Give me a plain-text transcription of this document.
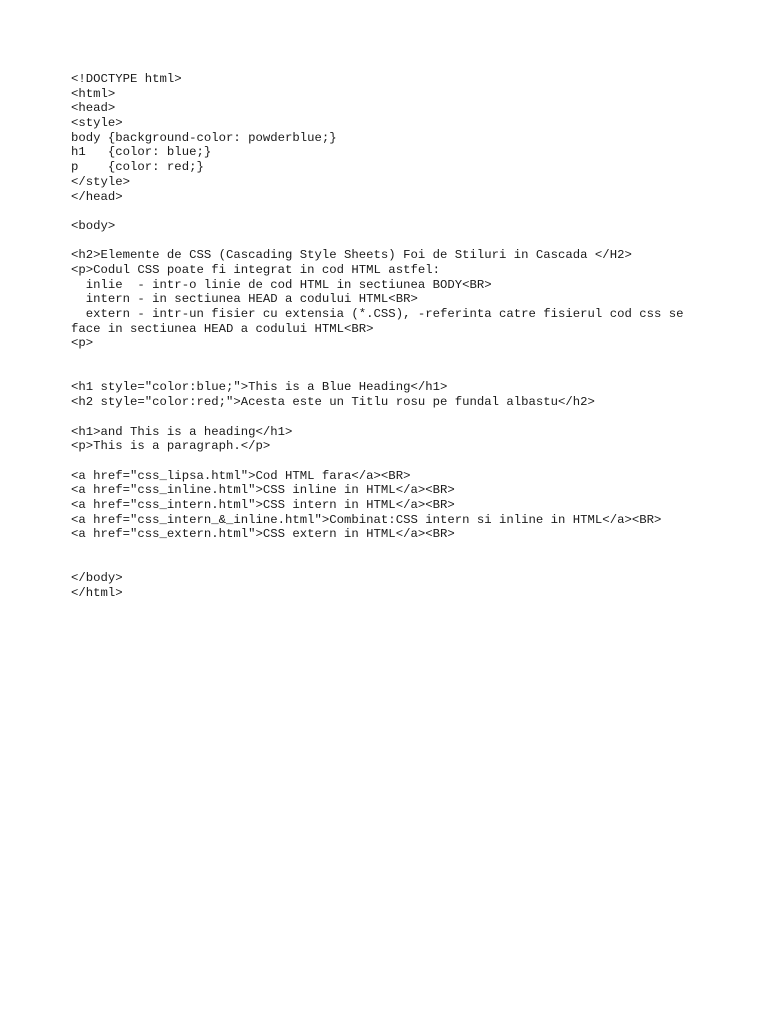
<!DOCTYPE html>
<html>
<head>
<style>
body {background-color: powderblue;}
h1   {color: blue;}
p    {color: red;}
</style>
</head>
<body>
<h2>Elemente de CSS (Cascading Style Sheets) Foi de Stiluri in Cascada </H2>
<p>Codul CSS poate fi integrat in cod HTML astfel:
inlie  - intr-o linie de cod HTML in sectiunea BODY<BR>
intern - in sectiunea HEAD a codului HTML<BR>
extern - intr-un fisier cu extensia (*.CSS), -referinta catre fisierul cod css se
face in sectiunea HEAD a codului HTML<BR>
<p>
<h1 style="color:blue;">This is a Blue Heading</h1>
<h2 style="color:red;">Acesta este un Titlu rosu pe fundal albastu</h2>
<h1>and This is a heading</h1>
<p>This is a paragraph.</p>
<a href="css_lipsa.html">Cod HTML fara</a><BR>
<a href="css_inline.html">CSS inline in HTML</a><BR>
<a href="css_intern.html">CSS intern in HTML</a><BR>
<a href="css_intern_&_inline.html">Combinat:CSS intern si inline in HTML</a><BR>
<a href="css_extern.html">CSS extern in HTML</a><BR>
</body>
</html>
